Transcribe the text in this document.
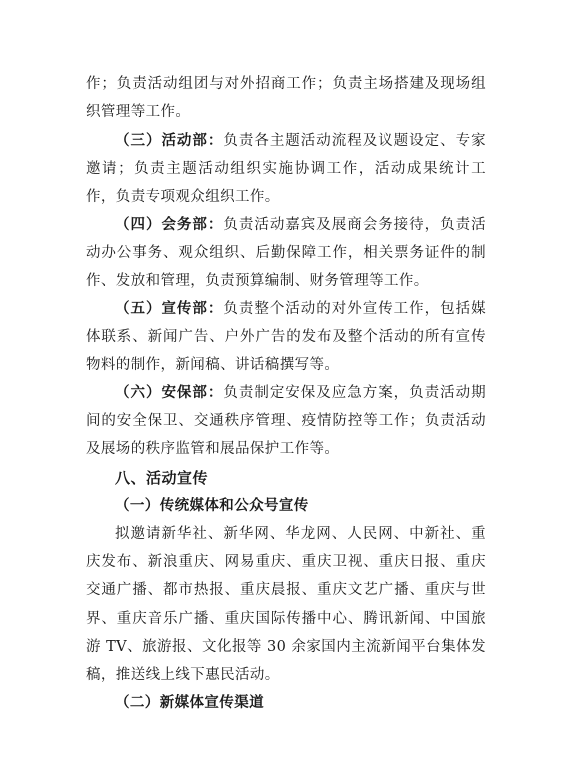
作；负责活动组团与对外招商工作；负责主场搭建及现场组织管理等工作。

（三）活动部：负责各主题活动流程及议题设定、专家邀请；负责主题活动组织实施协调工作，活动成果统计工作，负责专项观众组织工作。

（四）会务部：负责活动嘉宾及展商会务接待，负责活动办公事务、观众组织、后勤保障工作，相关票务证件的制作、发放和管理，负责预算编制、财务管理等工作。

（五）宣传部：负责整个活动的对外宣传工作，包括媒体联系、新闻广告、户外广告的发布及整个活动的所有宣传物料的制作，新闻稿、讲话稿撰写等。

（六）安保部：负责制定安保及应急方案，负责活动期间的安全保卫、交通秩序管理、疫情防控等工作；负责活动及展场的秩序监管和展品保护工作等。

八、活动宣传
（一）传统媒体和公众号宣传

拟邀请新华社、新华网、华龙网、人民网、中新社、重庆发布、新浪重庆、网易重庆、重庆卫视、重庆日报、重庆交通广播、都市热报、重庆晨报、重庆文艺广播、重庆与世界、重庆音乐广播、重庆国际传播中心、腾讯新闻、中国旅游 TV、旅游报、文化报等 30 余家国内主流新闻平台集体发稿，推送线上线下惠民活动。

（二）新媒体宣传渠道
